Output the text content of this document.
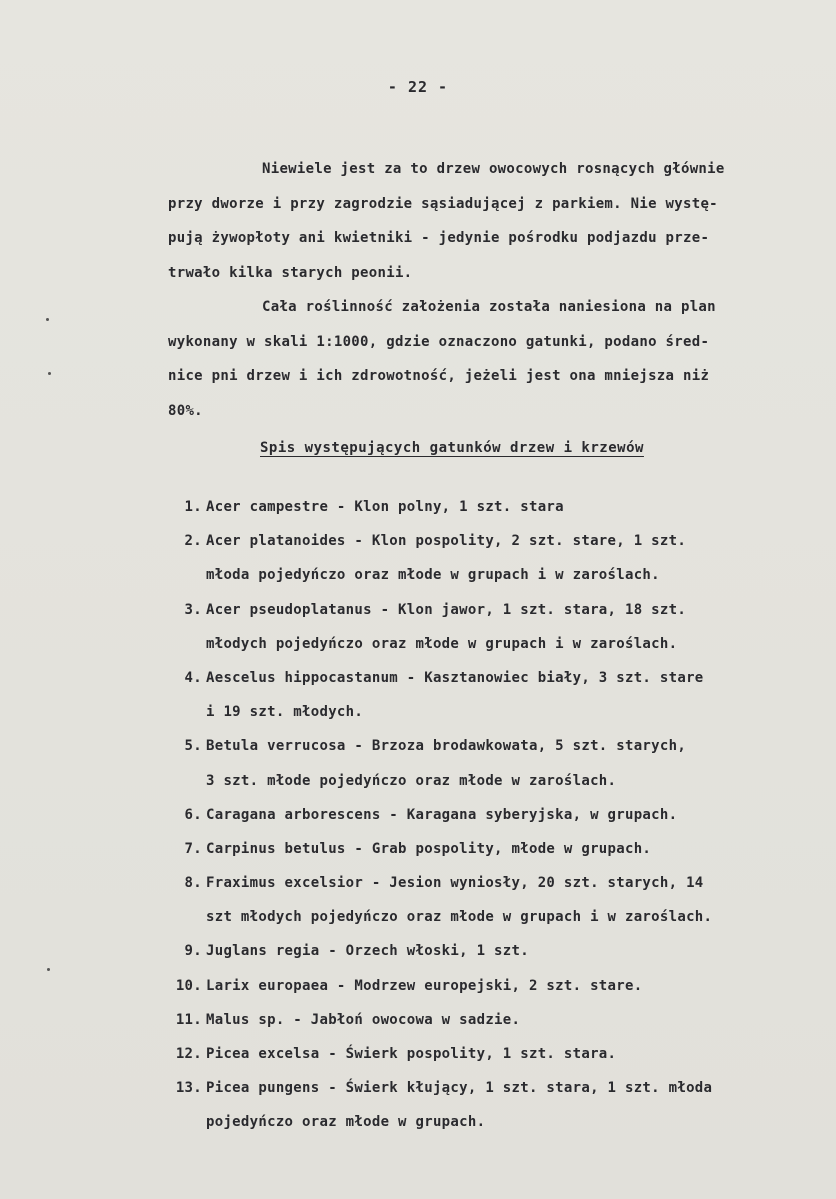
- 22 -
Niewiele jest za to drzew owocowych rosnących głównie
przy dworze i przy zagrodzie sąsiadującej z parkiem. Nie wystę-
pują żywopłoty ani kwietniki - jedynie pośrodku podjazdu prze-
trwało kilka starych peonii.
Cała roślinność założenia została naniesiona na plan
wykonany w skali 1:1000, gdzie oznaczono gatunki, podano śred-
nice pni drzew i ich zdrowotność, jeżeli jest ona mniejsza niż
80%.
Spis występujących gatunków drzew i krzewów
1. Acer campestre - Klon polny, 1 szt. stara
2. Acer platanoides - Klon pospolity, 2 szt. stare, 1 szt.
młoda pojedyńczo oraz młode w grupach i w zaroślach.
3. Acer pseudoplatanus - Klon jawor, 1 szt. stara, 18 szt.
młodych pojedyńczo oraz młode w grupach i w zaroślach.
4. Aescelus hippocastanum - Kasztanowiec biały, 3 szt. stare
i 19 szt. młodych.
5. Betula verrucosa - Brzoza brodawkowata, 5 szt. starych,
3 szt. młode pojedyńczo oraz młode w zaroślach.
6. Caragana arborescens - Karagana syberyjska, w grupach.
7. Carpinus betulus - Grab pospolity, młode w grupach.
8. Fraximus excelsior - Jesion wyniosły, 20 szt. starych, 14
szt młodych pojedyńczo oraz młode w grupach i w zaroślach.
9. Juglans regia - Orzech włoski, 1 szt.
10. Larix europaea - Modrzew europejski, 2 szt. stare.
11. Malus sp. - Jabłoń owocowa w sadzie.
12. Picea excelsa - Świerk pospolity, 1 szt. stara.
13. Picea pungens - Świerk kłujący, 1 szt. stara, 1 szt. młoda
pojedyńczo oraz młode w grupach.
